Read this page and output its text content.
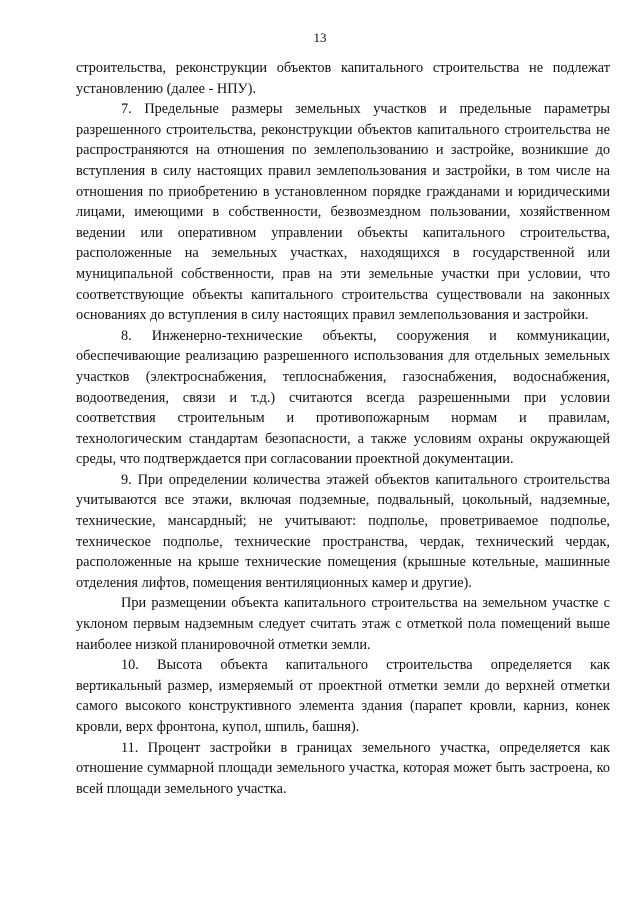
13

строительства, реконструкции объектов капитального строительства не подлежат установлению (далее - НПУ).

7. Предельные размеры земельных участков и предельные параметры разрешенного строительства, реконструкции объектов капитального строительства не распространяются на отношения по землепользованию и застройке, возникшие до вступления в силу настоящих правил землепользования и застройки, в том числе на отношения по приобретению в установленном порядке гражданами и юридическими лицами, имеющими в собственности, безвозмездном пользовании, хозяйственном ведении или оперативном управлении объекты капитального строительства, расположенные на земельных участках, находящихся в государственной или муниципальной собственности, прав на эти земельные участки при условии, что соответствующие объекты капитального строительства существовали на законных основаниях до вступления в силу настоящих правил землепользования и застройки.

8. Инженерно-технические объекты, сооружения и коммуникации, обеспечивающие реализацию разрешенного использования для отдельных земельных участков (электроснабжения, теплоснабжения, газоснабжения, водоснабжения, водоотведения, связи и т.д.) считаются всегда разрешенными при условии соответствия строительным и противопожарным нормам и правилам, технологическим стандартам безопасности, а также условиям охраны окружающей среды, что подтверждается при согласовании проектной документации.

9. При определении количества этажей объектов капитального строительства учитываются все этажи, включая подземные, подвальный, цокольный, надземные, технические, мансардный; не учитывают: подполье, проветриваемое подполье, техническое подполье, технические пространства, чердак, технический чердак, расположенные на крыше технические помещения (крышные котельные, машинные отделения лифтов, помещения вентиляционных камер и другие).

При размещении объекта капитального строительства на земельном участке с уклоном первым надземным следует считать этаж с отметкой пола помещений выше наиболее низкой планировочной отметки земли.

10. Высота объекта капитального строительства определяется как вертикальный размер, измеряемый от проектной отметки земли до верхней отметки самого высокого конструктивного элемента здания (парапет кровли, карниз, конек кровли, верх фронтона, купол, шпиль, башня).

11. Процент застройки в границах земельного участка, определяется как отношение суммарной площади земельного участка, которая может быть застроена, ко всей площади земельного участка.
